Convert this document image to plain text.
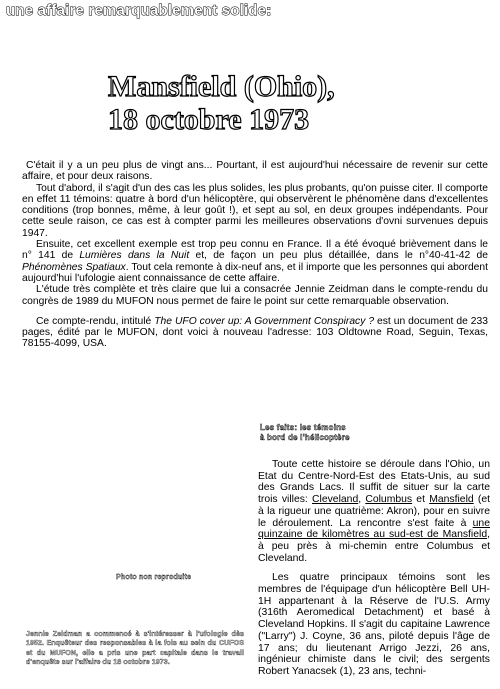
une affaire remarquablement solide:
Mansfield (Ohio),
18 octobre 1973

C'était il y a un peu plus de vingt ans... Pourtant, il est aujourd'hui nécessaire de revenir sur cette affaire, et pour deux raisons.

Tout d'abord, il s'agit d'un des cas les plus solides, les plus probants, qu'on puisse citer. Il comporte en effet 11 témoins: quatre à bord d'un hélicoptère, qui observèrent le phénomène dans d'excellentes conditions (trop bonnes, même, à leur goût !), et sept au sol, en deux groupes indépendants. Pour cette seule raison, ce cas est à compter parmi les meilleures observations d'ovni survenues depuis 1947.

Ensuite, cet excellent exemple est trop peu connu en France. Il a été évoqué brièvement dans le n° 141 de Lumières dans la Nuit et, de façon un peu plus détaillée, dans le n°40-41-42 de Phénomènes Spatiaux. Tout cela remonte à dix-neuf ans, et il importe que les personnes qui abordent aujourd'hui l'ufologie aient connaissance de cette affaire.

L'étude très complète et très claire que lui a consacrée Jennie Zeidman dans le compte-rendu du congrès de 1989 du MUFON nous permet de faire le point sur cette remarquable observation.

Ce compte-rendu, intitulé The UFO cover up: A Government Conspiracy ? est un document de 233 pages, édité par le MUFON, dont voici à nouveau l'adresse: 103 Oldtowne Road, Seguin, Texas, 78155-4099, USA.

Les faits: les témoins
à bord de l'hélicoptère

Toute cette histoire se déroule dans l'Ohio, un Etat du Centre-Nord-Est des Etats-Unis, au sud des Grands Lacs. Il suffit de situer sur la carte trois villes: Cleveland, Columbus et Mansfield (et à la rigueur une quatrième: Akron), pour en suivre le déroulement. La rencontre s'est faite à une quinzaine de kilomètres au sud-est de Mansfield, à peu près à mi-chemin entre Columbus et Cleveland.

Les quatre principaux témoins sont les membres de l'équipage d'un hélicoptère Bell UH-1H appartenant à la Réserve de l'U.S. Army (316th Aeromedical Detachment) et basé à Cleveland Hopkins. Il s'agit du capitaine Lawrence ("Larry") J. Coyne, 36 ans, piloté depuis l'âge de 17 ans; du lieutenant Arrigo Jezzi, 26 ans, ingénieur chimiste dans le civil; des sergents Robert Yanacsek (1), 23 ans, techni-

Photo non reproduite
Jennie Zeidman a commencé à s'intéresser à l'ufologie dès 1952. Enquêteur des responsables à la fois au sein du CUFOS et du MUFON, elle a pris une part capitale dans le travail d'enquête sur l'affaire du 18 octobre 1973.
